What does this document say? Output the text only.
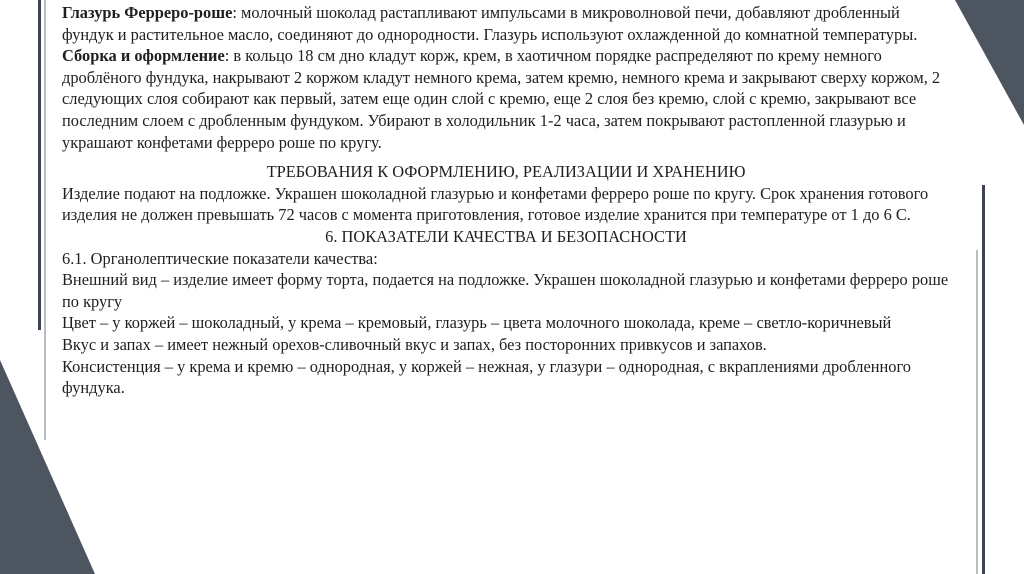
Глазурь Ферреро-роше: молочный шоколад растапливают импульсами в микроволновой печи, добавляют дробленный фундук и растительное масло, соединяют до однородности. Глазурь используют охлажденной до комнатной температуры.

Сборка и оформление: в кольцо 18 см дно кладут корж, крем, в хаотичном порядке распределяют по крему немного дроблёного фундука, накрывают 2 коржом кладут немного крема, затем кремю, немного крема и закрывают сверху коржом, 2 следующих слоя собирают как первый, затем еще один слой с кремю, еще 2 слоя без кремю, слой с кремю, закрывают все последним слоем с дробленным фундуком. Убирают в холодильник 1-2 часа, затем покрывают растопленной глазурью и украшают конфетами ферреро роше по кругу.

ТРЕБОВАНИЯ К ОФОРМЛЕНИЮ, РЕАЛИЗАЦИИ И ХРАНЕНИЮ

Изделие подают на подложке. Украшен шоколадной глазурью и конфетами ферреро роше по кругу. Срок хранения готового изделия не должен превышать 72 часов с момента приготовления, готовое изделие хранится при температуре от 1 до 6 С.

6. ПОКАЗАТЕЛИ КАЧЕСТВА И БЕЗОПАСНОСТИ

6.1. Органолептические показатели качества:

Внешний вид – изделие имеет форму торта, подается на подложке. Украшен шоколадной глазурью и конфетами ферреро роше по кругу

Цвет – у коржей – шоколадный, у крема – кремовый, глазурь – цвета молочного шоколада, креме – светло-коричневый

Вкус и запах – имеет нежный орехов-сливочный вкус и запах, без посторонних привкусов и запахов.

Консистенция – у крема и кремю – однородная, у коржей – нежная, у глазури – однородная, с вкраплениями дробленного фундука.
